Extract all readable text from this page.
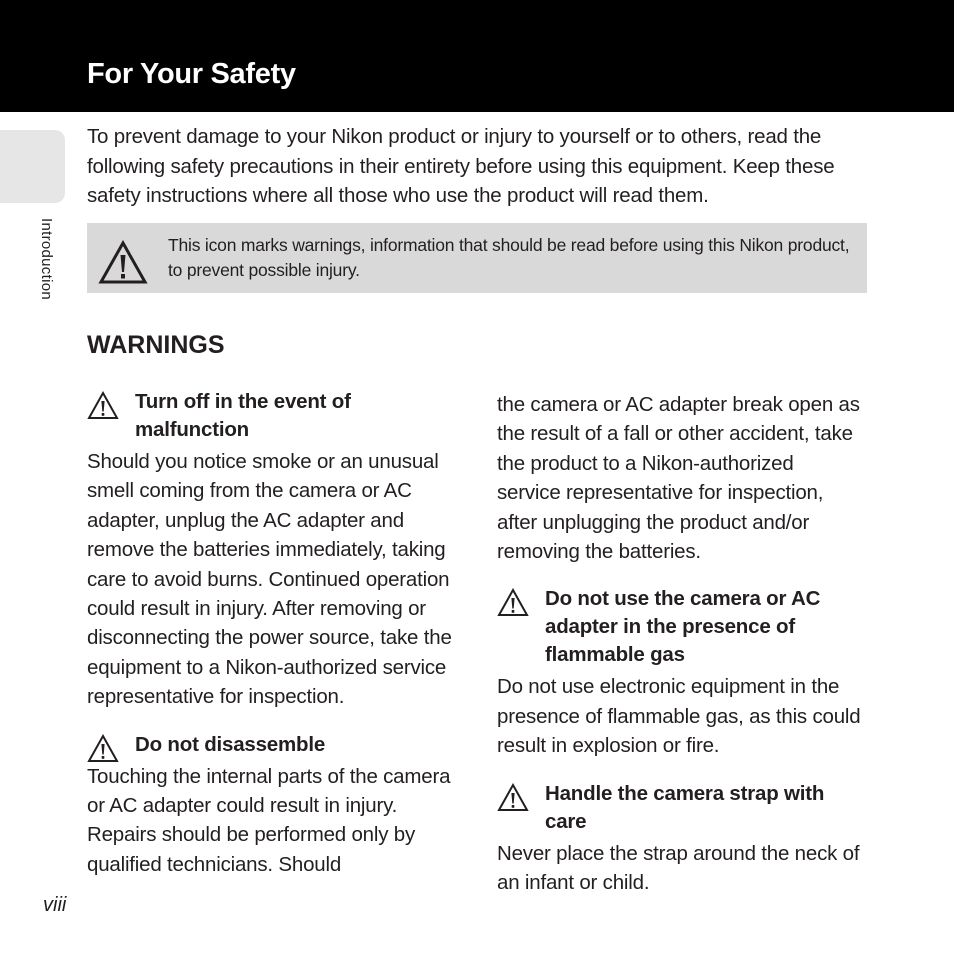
For Your Safety
Introduction

To prevent damage to your Nikon product or injury to yourself or to others, read the following safety precautions in their entirety before using this equipment. Keep these safety instructions where all those who use the product will read them.

This icon marks warnings, information that should be read before using this Nikon product, to prevent possible injury.
WARNINGS
Turn off in the event of malfunction

Should you notice smoke or an unusual smell coming from the camera or AC adapter, unplug the AC adapter and remove the batteries immediately, taking care to avoid burns. Continued operation could result in injury. After removing or disconnecting the power source, take the equipment to a Nikon-authorized service representative for inspection.

Do not disassemble

Touching the internal parts of the camera or AC adapter could result in injury. Repairs should be performed only by qualified technicians. Should

the camera or AC adapter break open as the result of a fall or other accident, take the product to a Nikon-authorized service representative for inspection, after unplugging the product and/or removing the batteries.

Do not use the camera or AC adapter in the presence of flammable gas

Do not use electronic equipment in the presence of flammable gas, as this could result in explosion or fire.

Handle the camera strap with care

Never place the strap around the neck of an infant or child.

viii
